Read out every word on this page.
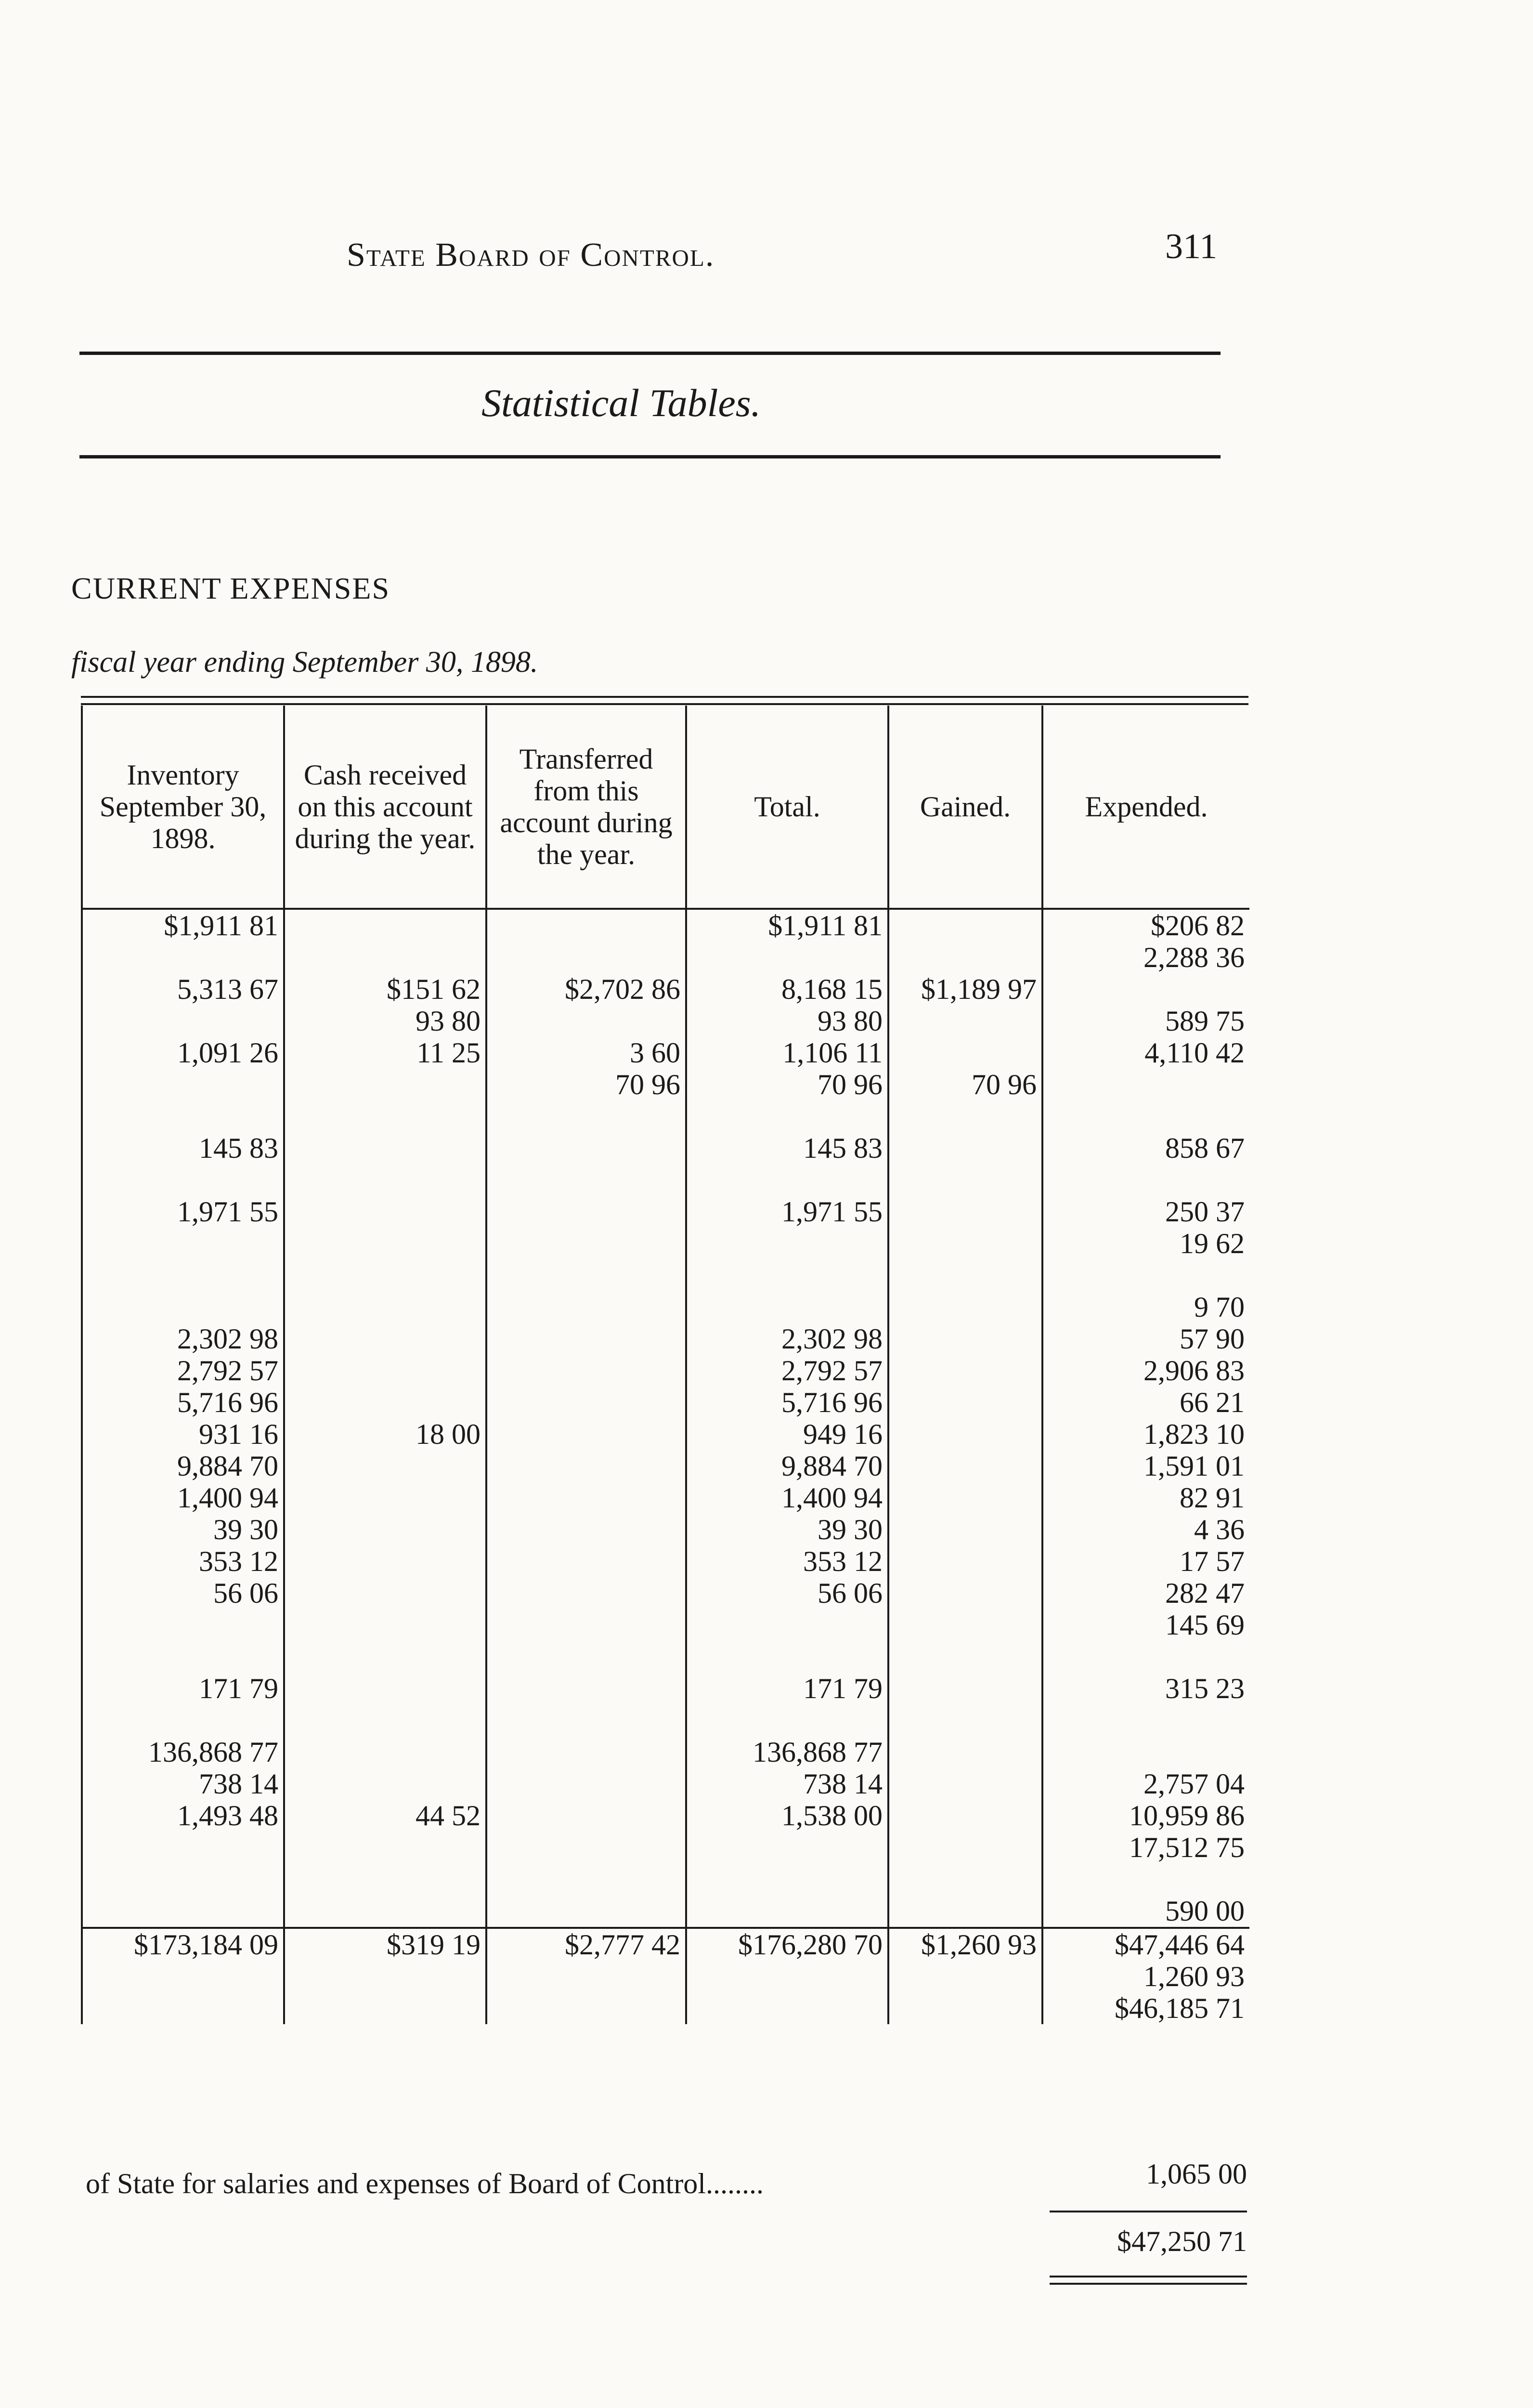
State Board of Control.	311
Statistical Tables.
CURRENT EXPENSES
fiscal year ending September 30, 1898.
Inventory September 30, 1898.	Cash received on this account during the year.	Transferred from this account during the year.	Total.	Gained.	Expended.
$1,911 81			$1,911 81		$206 82
					2,288 36
5,313 67	$151 62	$2,702 86	8,168 15	$1,189 97	
	93 80		93 80		589 75
1,091 26	11 25	3 60	1,106 11		4,110 42
		70 96	70 96	70 96	

145 83			145 83		858 67

1,971 55			1,971 55		250 37
					19 62

					9 70
2,302 98			2,302 98		57 90
2,792 57			2,792 57		2,906 83
5,716 96			5,716 96		66 21
931 16	18 00		949 16		1,823 10
9,884 70			9,884 70		1,591 01
1,400 94			1,400 94		82 91
39 30			39 30		4 36
353 12			353 12		17 57
56 06			56 06		282 47
					145 69

171 79			171 79		315 23

136,868 77			136,868 77		
738 14			738 14		2,757 04
1,493 48	44 52		1,538 00		10,959 86
					17,512 75

					590 00
$173,184 09	$319 19	$2,777 42	$176,280 70	$1,260 93	$47,446 64
					1,260 93
					$46,185 71
of State for salaries and expenses of Board of Control........	1,065 00
$47,250 71
